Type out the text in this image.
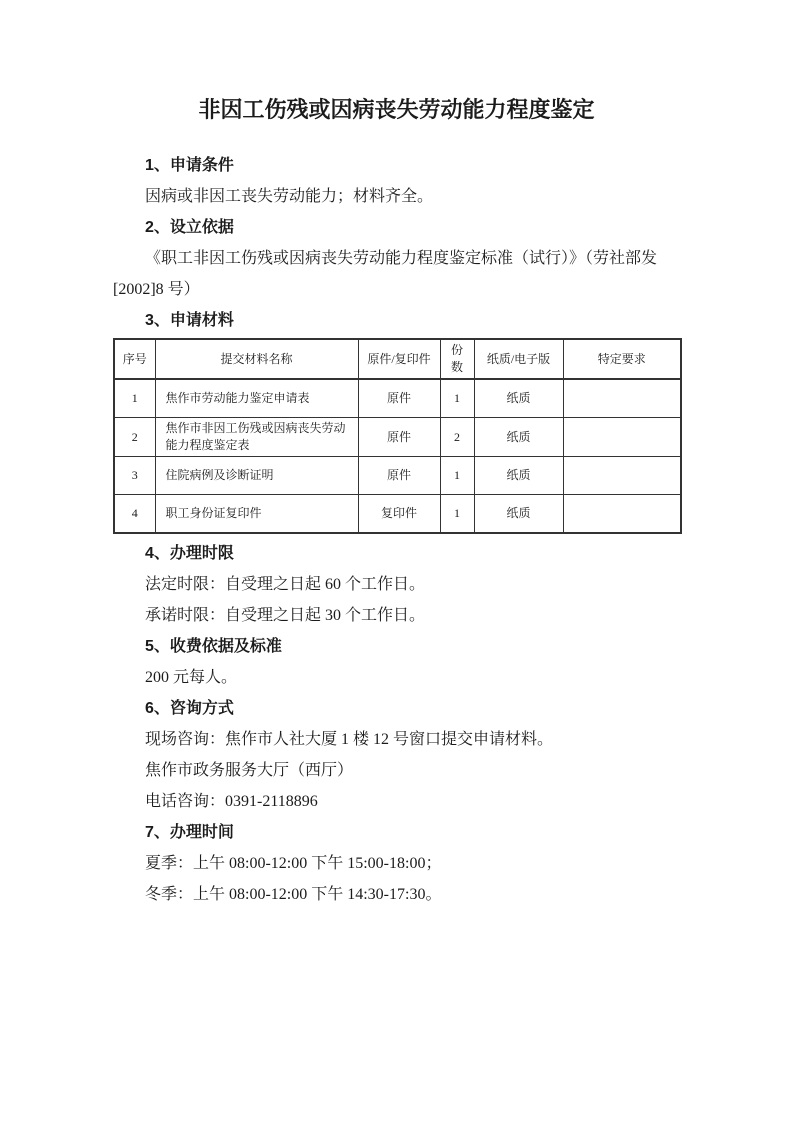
非因工伤残或因病丧失劳动能力程度鉴定

1、申请条件

因病或非因工丧失劳动能力；材料齐全。

2、设立依据

《职工非因工伤残或因病丧失劳动能力程度鉴定标准（试行）》（劳社部发[2002]8 号）

3、申请材料

序号	提交材料名称	原件/复印件	份数	纸质/电子版	特定要求
1	焦作市劳动能力鉴定申请表	原件	1	纸质	
2	焦作市非因工伤残或因病丧失劳动能力程度鉴定表	原件	2	纸质	
3	住院病例及诊断证明	原件	1	纸质	
4	职工身份证复印件	复印件	1	纸质	

4、办理时限

法定时限：自受理之日起 60 个工作日。

承诺时限：自受理之日起 30 个工作日。

5、收费依据及标准

200 元每人。

6、咨询方式

现场咨询：焦作市人社大厦 1 楼 12 号窗口提交申请材料。

焦作市政务服务大厅（西厅）

电话咨询：0391-2118896

7、办理时间

夏季：上午 08:00-12:00 下午 15:00-18:00；

冬季：上午 08:00-12:00 下午 14:30-17:30。
